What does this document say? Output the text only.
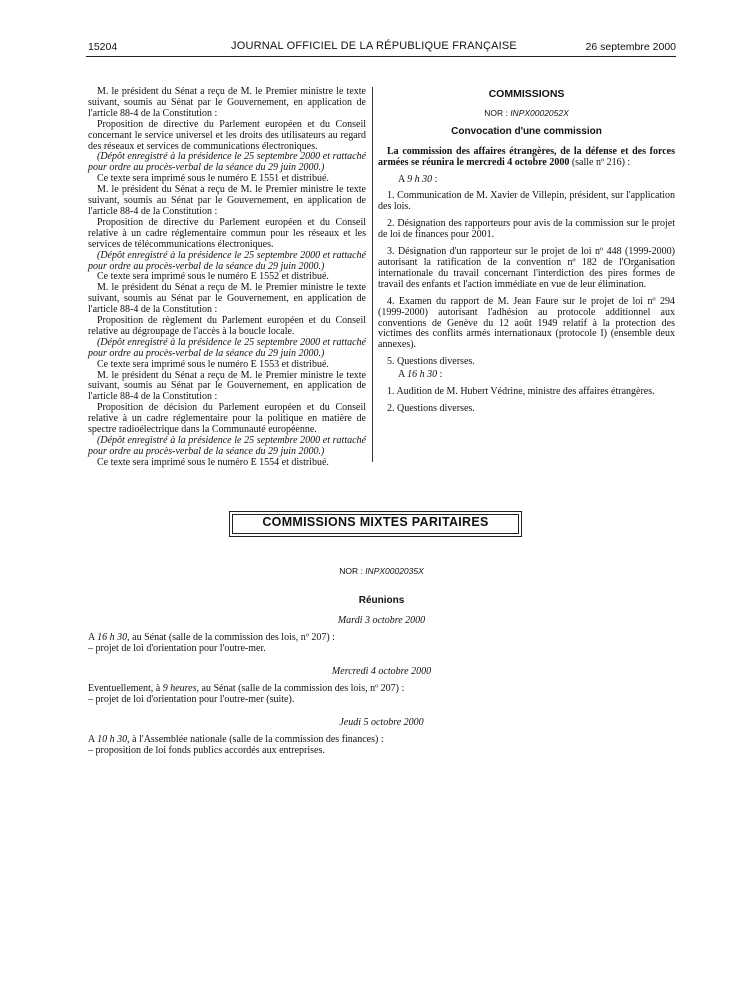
15204	JOURNAL OFFICIEL DE LA RÉPUBLIQUE FRANÇAISE	26 septembre 2000

M. le président du Sénat a reçu de M. le Premier ministre le texte suivant, soumis au Sénat par le Gouvernement, en application de l'article 88-4 de la Constitution :

Proposition de directive du Parlement européen et du Conseil concernant le service universel et les droits des utilisateurs au regard des réseaux et services de communications électroniques.

(Dépôt enregistré à la présidence le 25 septembre 2000 et rattaché pour ordre au procès-verbal de la séance du 29 juin 2000.)

Ce texte sera imprimé sous le numéro E 1551 et distribué.

M. le président du Sénat a reçu de M. le Premier ministre le texte suivant, soumis au Sénat par le Gouvernement, en application de l'article 88-4 de la Constitution :

Proposition de directive du Parlement européen et du Conseil relative à un cadre réglementaire commun pour les réseaux et les services de télécommunications électroniques.

(Dépôt enregistré à la présidence le 25 septembre 2000 et rattaché pour ordre au procès-verbal de la séance du 29 juin 2000.)

Ce texte sera imprimé sous le numéro E 1552 et distribué.

M. le président du Sénat a reçu de M. le Premier ministre le texte suivant, soumis au Sénat par le Gouvernement, en application de l'article 88-4 de la Constitution :

Proposition de règlement du Parlement européen et du Conseil relative au dégroupage de l'accès à la boucle locale.

(Dépôt enregistré à la présidence le 25 septembre 2000 et rattaché pour ordre au procès-verbal de la séance du 29 juin 2000.)

Ce texte sera imprimé sous le numéro E 1553 et distribué.

M. le président du Sénat a reçu de M. le Premier ministre le texte suivant, soumis au Sénat par le Gouvernement, en application de l'article 88-4 de la Constitution :

Proposition de décision du Parlement européen et du Conseil relative à un cadre réglementaire pour la politique en matière de spectre radioélectrique dans la Communauté européenne.

(Dépôt enregistré à la présidence le 25 septembre 2000 et rattaché pour ordre au procès-verbal de la séance du 29 juin 2000.)

Ce texte sera imprimé sous le numéro E 1554 et distribué.

COMMISSIONS

NOR : INPX0002052X

Convocation d'une commission

La commission des affaires étrangères, de la défense et des forces armées se réunira le mercredi 4 octobre 2000 (salle nº 216) :

A 9 h 30 :

1. Communication de M. Xavier de Villepin, président, sur l'application des lois.

2. Désignation des rapporteurs pour avis de la commission sur le projet de loi de finances pour 2001.

3. Désignation d'un rapporteur sur le projet de loi nº 448 (1999-2000) autorisant la ratification de la convention nº 182 de l'Organisation internationale du travail concernant l'interdiction des pires formes de travail des enfants et l'action immédiate en vue de leur élimination.

4. Examen du rapport de M. Jean Faure sur le projet de loi nº 294 (1999-2000) autorisant l'adhésion au protocole additionnel aux conventions de Genève du 12 août 1949 relatif à la protection des victimes des conflits armés internationaux (protocole I) (ensemble deux annexes).

5. Questions diverses.

A 16 h 30 :

1. Audition de M. Hubert Védrine, ministre des affaires étrangères.

2. Questions diverses.

COMMISSIONS MIXTES PARITAIRES

NOR : INPX0002035X

Réunions

Mardi 3 octobre 2000

A 16 h 30, au Sénat (salle de la commission des lois, nº 207) :

– projet de loi d'orientation pour l'outre-mer.

Mercredi 4 octobre 2000

Eventuellement, à 9 heures, au Sénat (salle de la commission des lois, nº 207) :

– projet de loi d'orientation pour l'outre-mer (suite).

Jeudi 5 octobre 2000

A 10 h 30, à l'Assemblée nationale (salle de la commission des finances) :

– proposition de loi fonds publics accordés aux entreprises.
